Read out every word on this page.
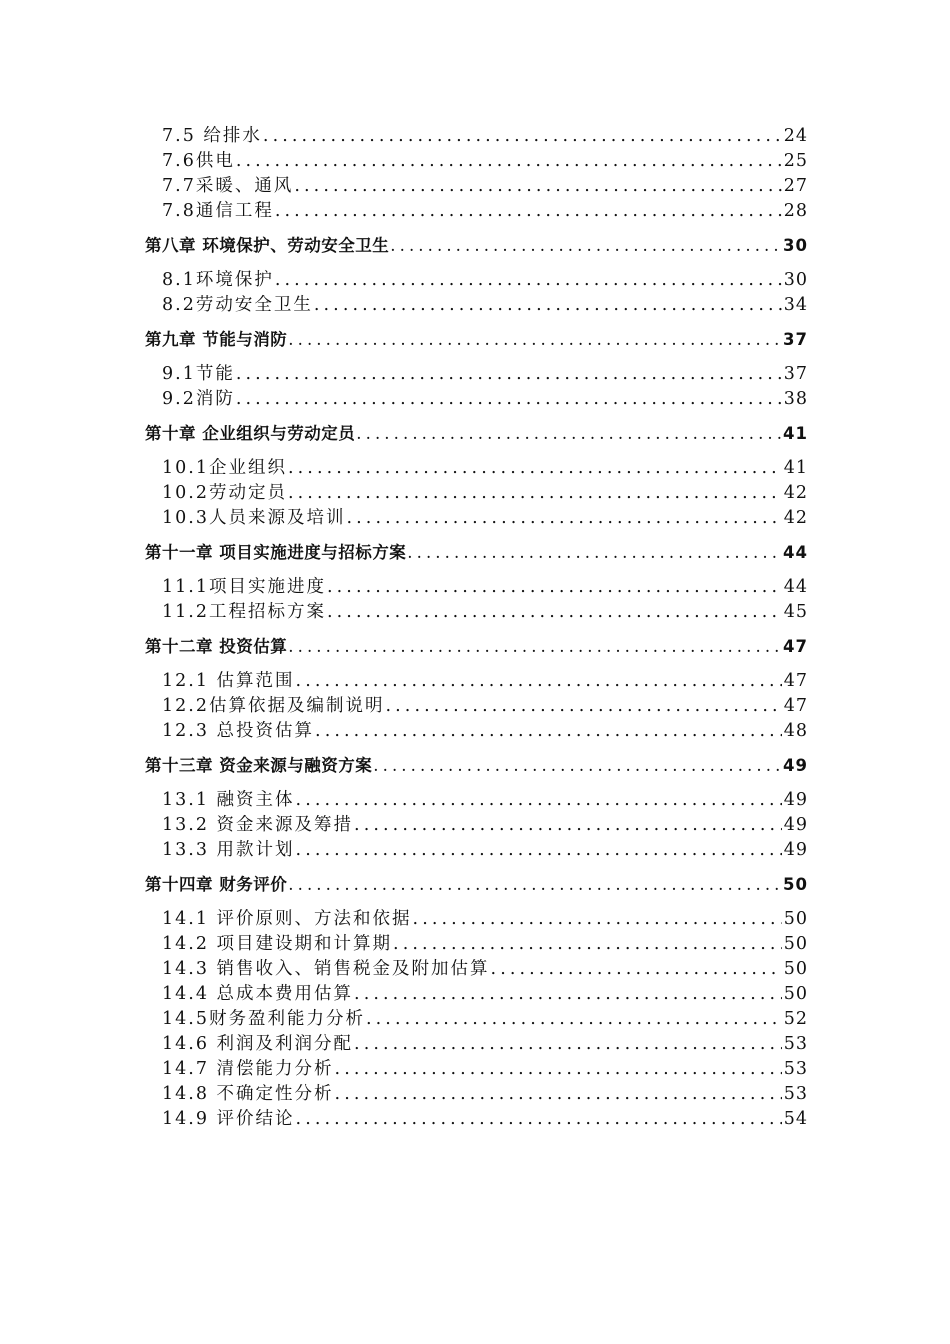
7.5 给排水 .....	24
7.6供电 .....	25
7.7采暖、通风 .....	27
7.8通信工程 .....	28
第八章 环境保护、劳动安全卫生 .....	30
8.1环境保护 .....	30
8.2劳动安全卫生 .....	34
第九章 节能与消防 .....	37
9.1节能 .....	37
9.2消防 .....	38
第十章 企业组织与劳动定员 .....	41
10.1企业组织 .....	41
10.2劳动定员 .....	42
10.3人员来源及培训 .....	42
第十一章 项目实施进度与招标方案 .....	44
11.1项目实施进度 .....	44
11.2工程招标方案 .....	45
第十二章 投资估算 .....	47
12.1 估算范围 .....	47
12.2估算依据及编制说明 .....	47
12.3 总投资估算 .....	48
第十三章 资金来源与融资方案 .....	49
13.1 融资主体 .....	49
13.2 资金来源及筹措 .....	49
13.3 用款计划 .....	49
第十四章 财务评价 .....	50
14.1 评价原则、方法和依据 .....	50
14.2 项目建设期和计算期 .....	50
14.3 销售收入、销售税金及附加估算 .....	50
14.4 总成本费用估算 .....	50
14.5财务盈利能力分析 .....	52
14.6 利润及利润分配 .....	53
14.7 清偿能力分析 .....	53
14.8 不确定性分析 .....	53
14.9 评价结论 .....	54
